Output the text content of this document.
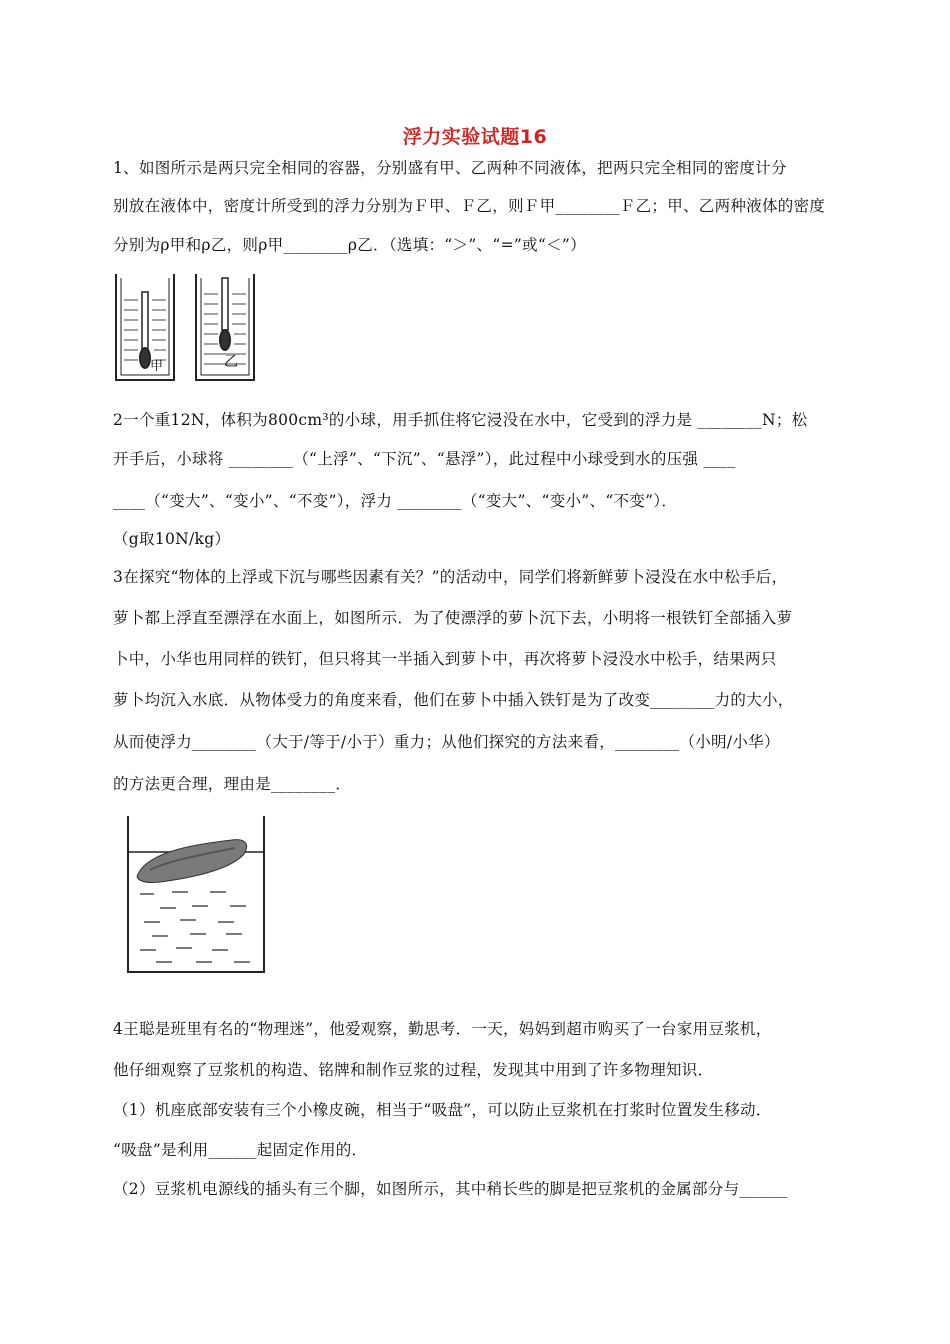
浮力实验试题16
1、如图所示是两只完全相同的容器，分别盛有甲、乙两种不同液体，把两只完全相同的密度计分
别放在液体中，密度计所受到的浮力分别为Ｆ甲、Ｆ乙，则Ｆ甲________Ｆ乙；甲、乙两种液体的密度
分别为ρ甲和ρ乙，则ρ甲________ρ乙．（选填：“＞”、“=”或“＜”）
甲	乙
2一个重12N，体积为800cm³的小球，用手抓住将它浸没在水中，它受到的浮力是 ________N；松
开手后，小球将 ________（“上浮”、“下沉”、“悬浮”），此过程中小球受到水的压强 ____
____（“变大”、“变小”、“不变”），浮力 ________（“变大”、“变小”、“不变”）．
（g取10N/kg）
3在探究“物体的上浮或下沉与哪些因素有关？”的活动中，同学们将新鲜萝卜浸没在水中松手后，
萝卜都上浮直至漂浮在水面上，如图所示．为了使漂浮的萝卜沉下去，小明将一根铁钉全部插入萝
卜中，小华也用同样的铁钉，但只将其一半插入到萝卜中，再次将萝卜浸没水中松手，结果两只
萝卜均沉入水底．从物体受力的角度来看，他们在萝卜中插入铁钉是为了改变________力的大小，
从而使浮力________（大于/等于/小于）重力；从他们探究的方法来看，________（小明/小华）
的方法更合理，理由是________．
4王聪是班里有名的“物理迷”，他爱观察，勤思考．一天，妈妈到超市购买了一台家用豆浆机，
他仔细观察了豆浆机的构造、铭牌和制作豆浆的过程，发现其中用到了许多物理知识．
（1）机座底部安装有三个小橡皮碗，相当于“吸盘”，可以防止豆浆机在打浆时位置发生移动．
“吸盘”是利用______起固定作用的．
（2）豆浆机电源线的插头有三个脚，如图所示，其中稍长些的脚是把豆浆机的金属部分与______
